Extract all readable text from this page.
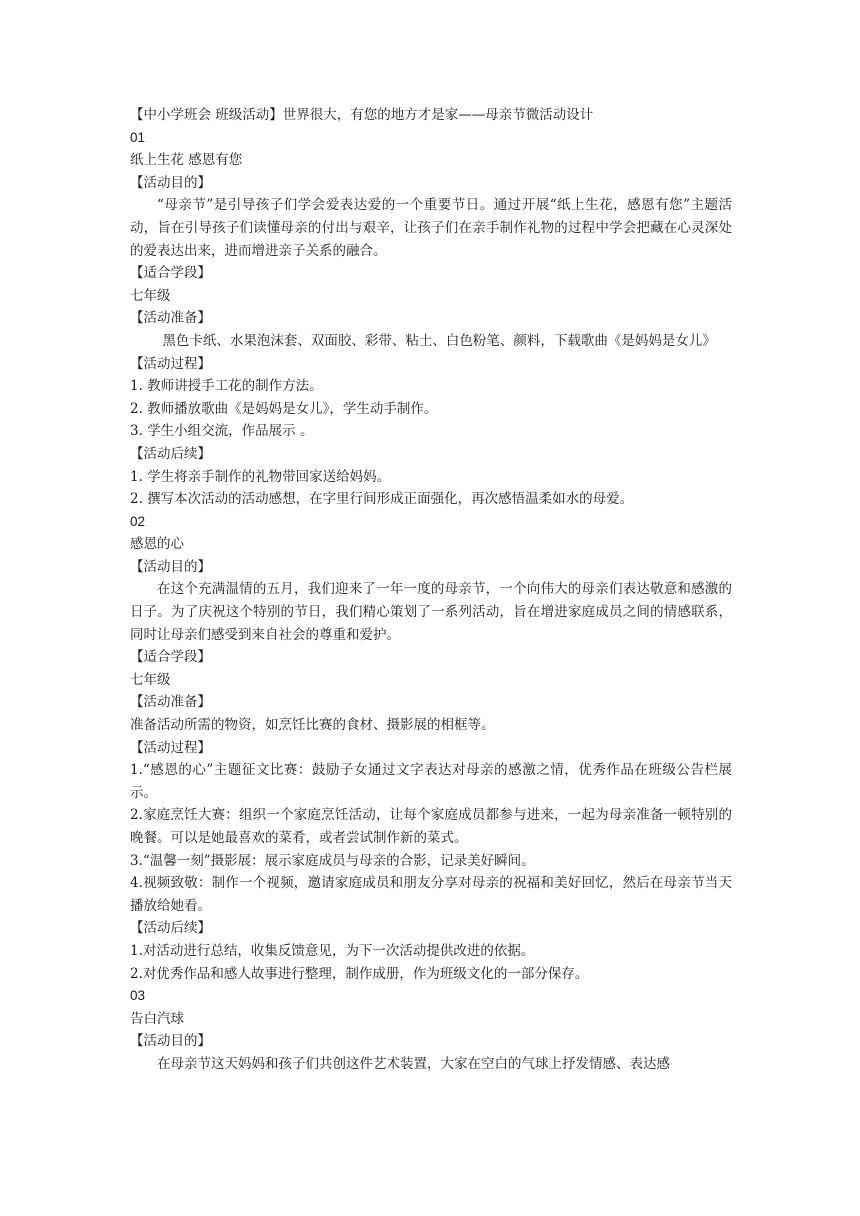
【中小学班会 班级活动】世界很大，有您的地方才是家——母亲节微活动设计

01

纸上生花 感恩有您

【活动目的】

“母亲节”是引导孩子们学会爱表达爱的一个重要节日。通过开展“纸上生花，感恩有您”主题活动，旨在引导孩子们读懂母亲的付出与艰辛，让孩子们在亲手制作礼物的过程中学会把藏在心灵深处的爱表达出来，进而增进亲子关系的融合。

【适合学段】

七年级

【活动准备】

黑色卡纸、水果泡沫套、双面胶、彩带、粘土、白色粉笔、颜料，下载歌曲《是妈妈是女儿》

【活动过程】

1. 教师讲授手工花的制作方法。

2. 教师播放歌曲《是妈妈是女儿》，学生动手制作。

3. 学生小组交流，作品展示 。

【活动后续】

1. 学生将亲手制作的礼物带回家送给妈妈。

2. 撰写本次活动的活动感想，在字里行间形成正面强化，再次感悟温柔如水的母爱。

02

感恩的心

【活动目的】

在这个充满温情的五月，我们迎来了一年一度的母亲节，一个向伟大的母亲们表达敬意和感激的日子。为了庆祝这个特别的节日，我们精心策划了一系列活动，旨在增进家庭成员之间的情感联系，同时让母亲们感受到来自社会的尊重和爱护。

【适合学段】

七年级

【活动准备】

准备活动所需的物资，如烹饪比赛的食材、摄影展的相框等。

【活动过程】

1.“感恩的心”主题征文比赛：鼓励子女通过文字表达对母亲的感激之情，优秀作品在班级公告栏展示。

2.家庭烹饪大赛：组织一个家庭烹饪活动，让每个家庭成员都参与进来，一起为母亲准备一顿特别的晚餐。可以是她最喜欢的菜肴，或者尝试制作新的菜式。

3.“温馨一刻”摄影展：展示家庭成员与母亲的合影，记录美好瞬间。

4.视频致敬：制作一个视频，邀请家庭成员和朋友分享对母亲的祝福和美好回忆，然后在母亲节当天播放给她看。

【活动后续】

1.对活动进行总结，收集反馈意见，为下一次活动提供改进的依据。

2.对优秀作品和感人故事进行整理，制作成册，作为班级文化的一部分保存。

03

告白汽球

【活动目的】

在母亲节这天妈妈和孩子们共创这件艺术装置，大家在空白的气球上抒发情感、表达感
